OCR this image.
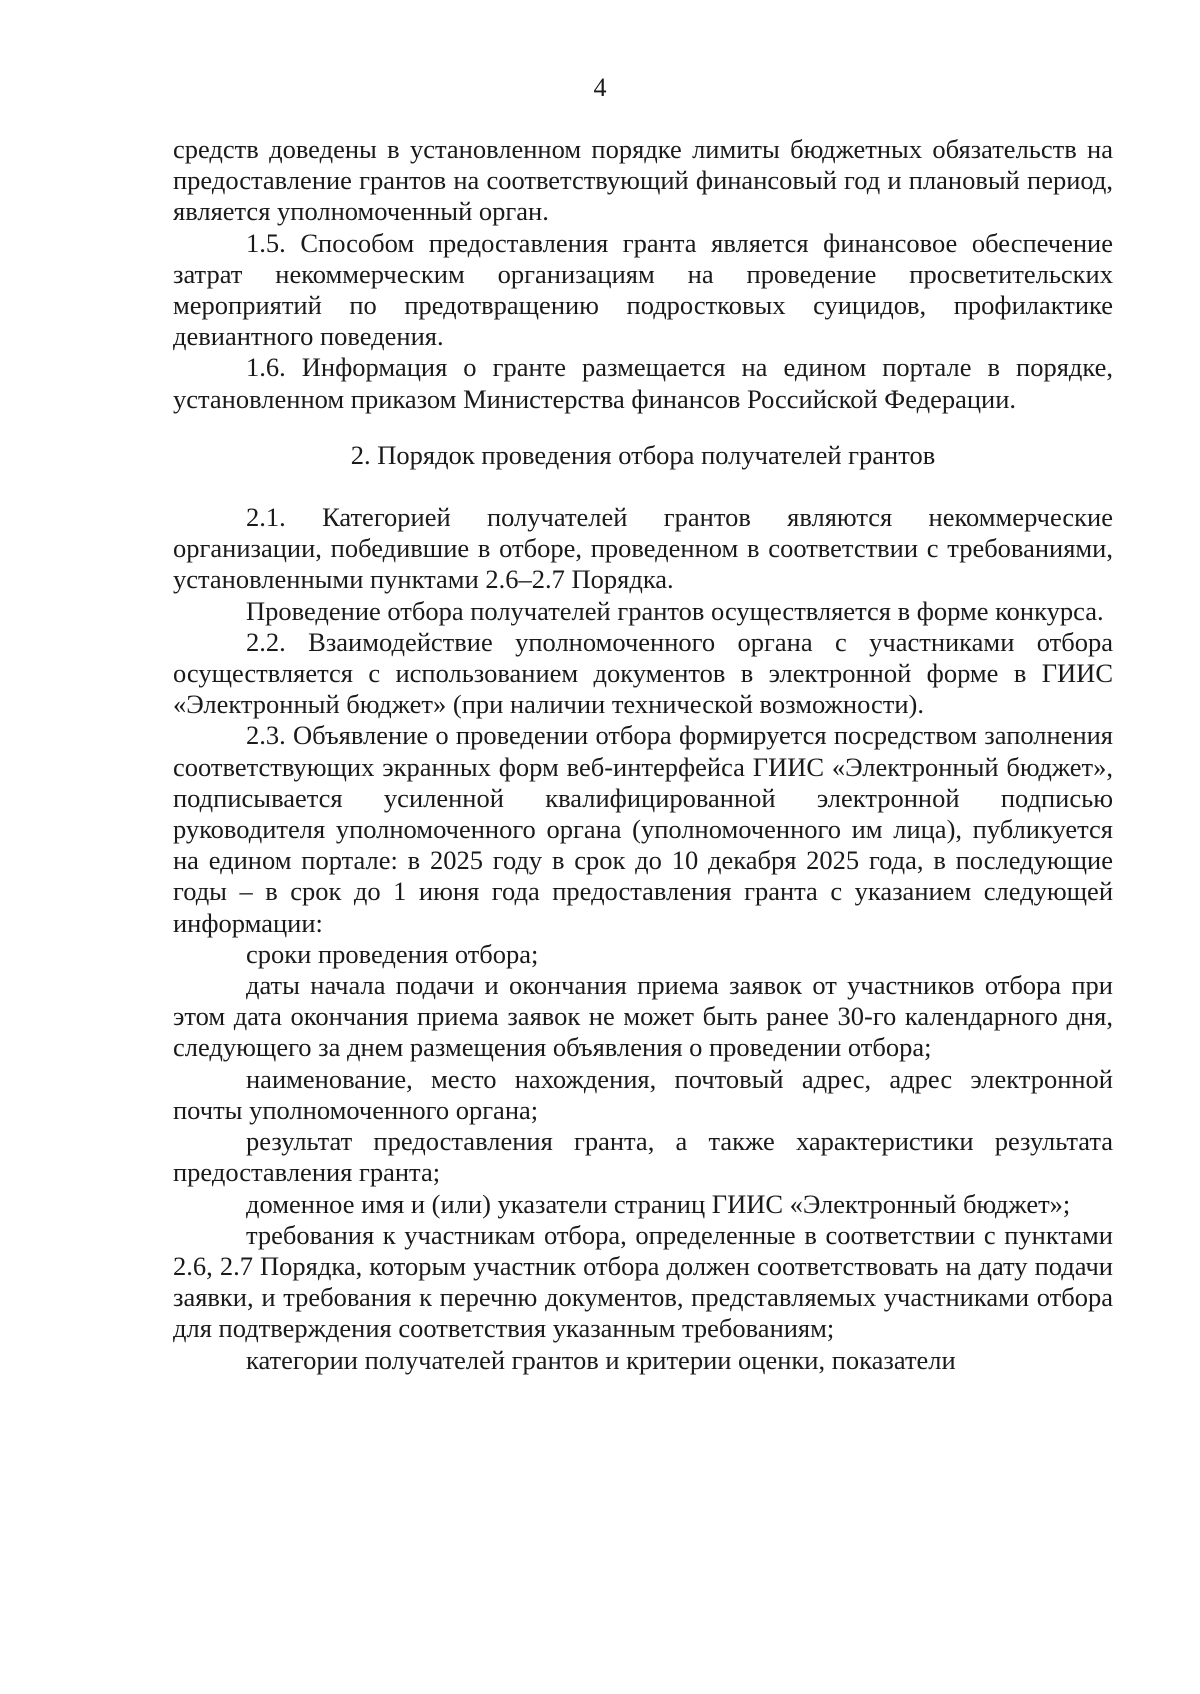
4

средств доведены в установленном порядке лимиты бюджетных обязательств на предоставление грантов на соответствующий финансовый год и плановый период, является уполномоченный орган.

1.5. Способом предоставления гранта является финансовое обеспечение затрат некоммерческим организациям на проведение просветительских мероприятий по предотвращению подростковых суицидов, профилактике девиантного поведения.

1.6. Информация о гранте размещается на едином портале в порядке, установленном приказом Министерства финансов Российской Федерации.

2. Порядок проведения отбора получателей грантов

2.1. Категорией получателей грантов являются некоммерческие организации, победившие в отборе, проведенном в соответствии с требованиями, установленными пунктами 2.6–2.7 Порядка.

Проведение отбора получателей грантов осуществляется в форме конкурса.

2.2. Взаимодействие уполномоченного органа с участниками отбора осуществляется с использованием документов в электронной форме в ГИИС «Электронный бюджет» (при наличии технической возможности).

2.3. Объявление о проведении отбора формируется посредством заполнения соответствующих экранных форм веб-интерфейса ГИИС «Электронный бюджет», подписывается усиленной квалифицированной электронной подписью руководителя уполномоченного органа (уполномоченного им лица), публикуется на едином портале: в 2025 году в срок до 10 декабря 2025 года, в последующие годы – в срок до 1 июня года предоставления гранта с указанием следующей информации:

сроки проведения отбора;

даты начала подачи и окончания приема заявок от участников отбора при этом дата окончания приема заявок не может быть ранее 30-го календарного дня, следующего за днем размещения объявления о проведении отбора;

наименование, место нахождения, почтовый адрес, адрес электронной почты уполномоченного органа;

результат предоставления гранта, а также характеристики результата предоставления гранта;

доменное имя и (или) указатели страниц ГИИС «Электронный бюджет»;

требования к участникам отбора, определенные в соответствии с пунктами 2.6, 2.7 Порядка, которым участник отбора должен соответствовать на дату подачи заявки, и требования к перечню документов, представляемых участниками отбора для подтверждения соответствия указанным требованиям;

категории получателей грантов и критерии оценки, показатели
